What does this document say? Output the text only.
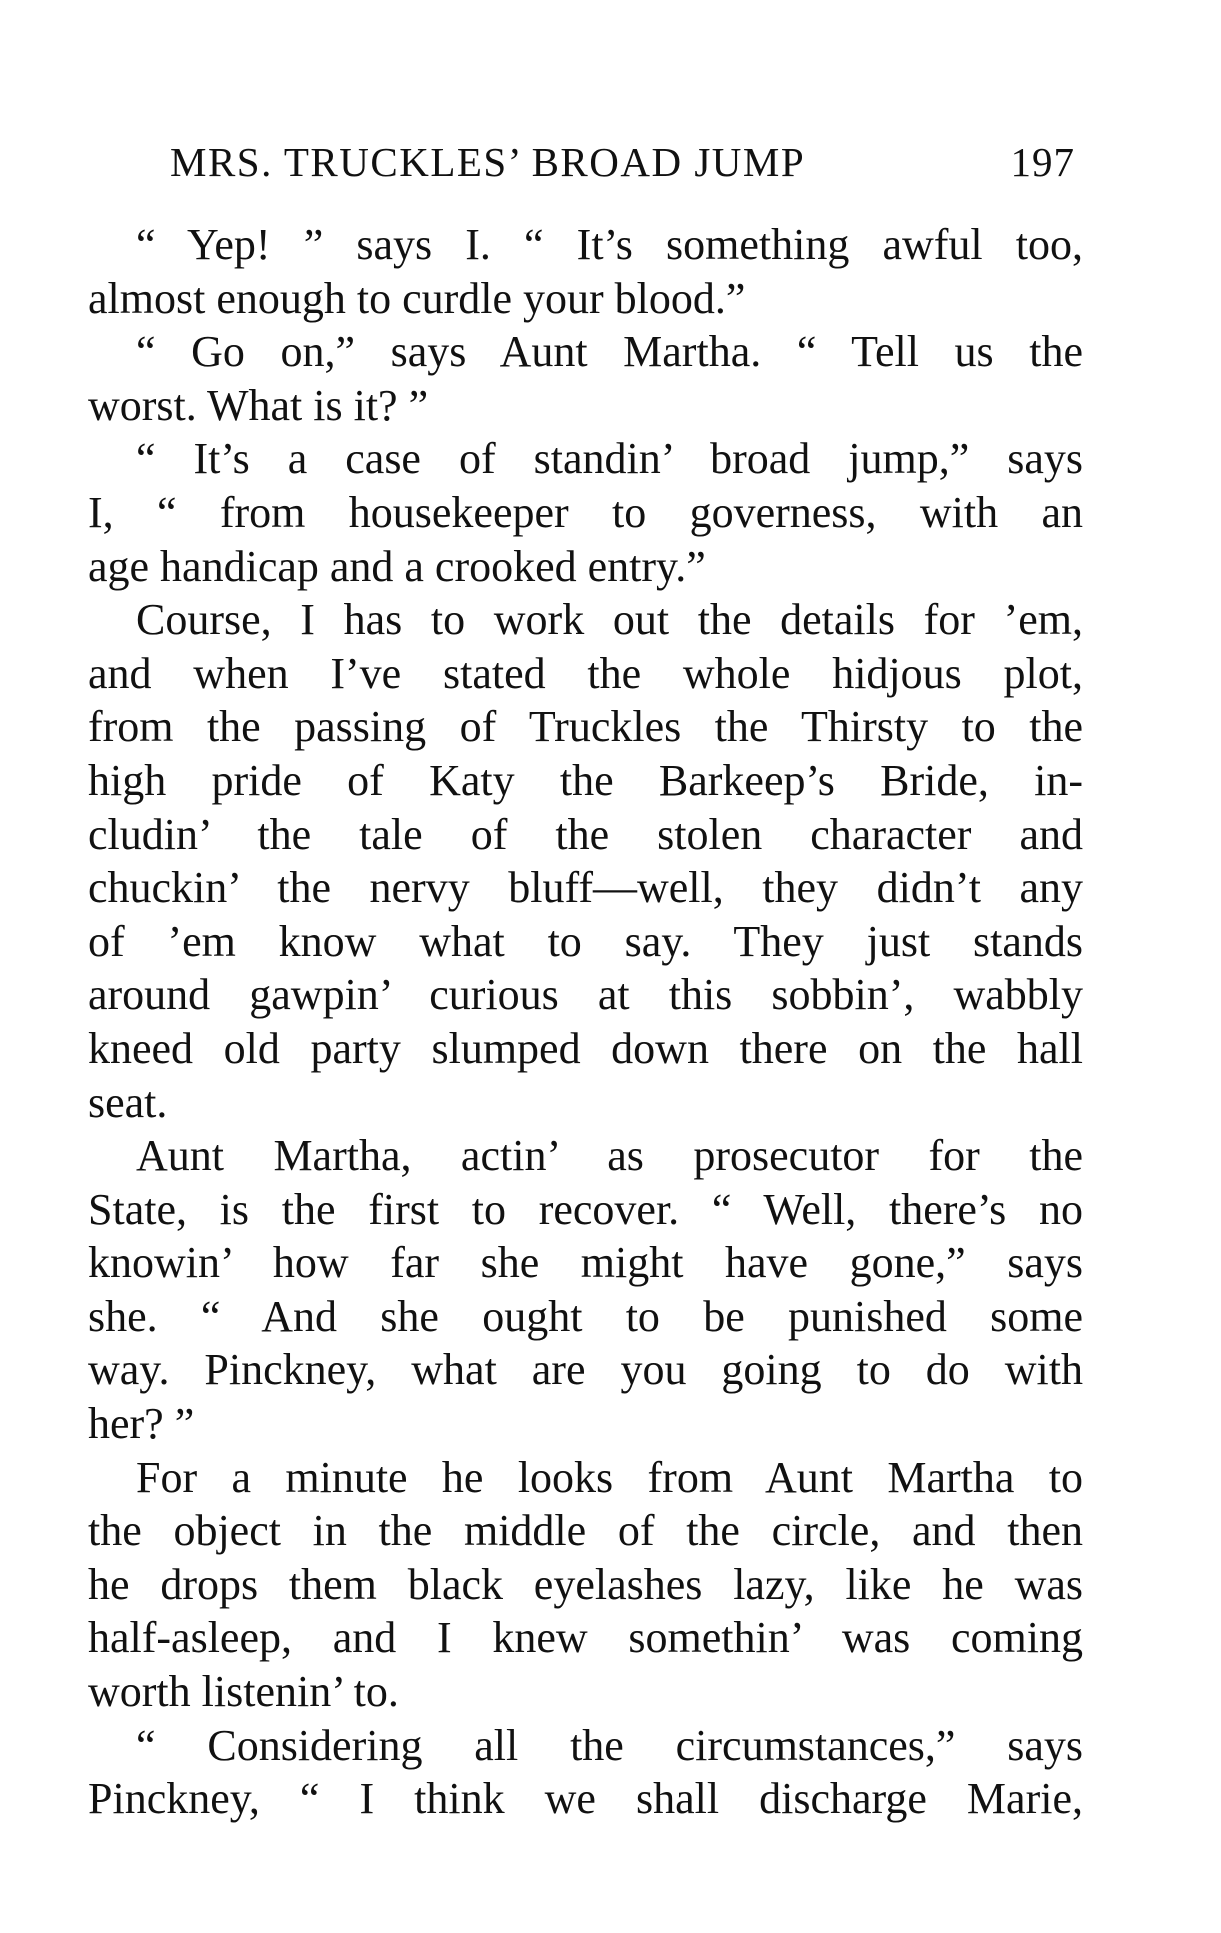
MRS. TRUCKLES’ BROAD JUMP	197
“ Yep! ” says I. “ It’s something awful too,
almost enough to curdle your blood.”
“ Go on,” says Aunt Martha. “ Tell us the
worst. What is it? ”
“ It’s a case of standin’ broad jump,” says
I, “ from housekeeper to governess, with an
age handicap and a crooked entry.”
Course, I has to work out the details for ’em,
and when I’ve stated the whole hidjous plot,
from the passing of Truckles the Thirsty to the
high pride of Katy the Barkeep’s Bride, in-
cludin’ the tale of the stolen character and
chuckin’ the nervy bluff—well, they didn’t any
of ’em know what to say. They just stands
around gawpin’ curious at this sobbin’, wabbly
kneed old party slumped down there on the hall
seat.
Aunt Martha, actin’ as prosecutor for the
State, is the first to recover. “ Well, there’s no
knowin’ how far she might have gone,” says
she. “ And she ought to be punished some
way. Pinckney, what are you going to do with
her? ”
For a minute he looks from Aunt Martha to
the object in the middle of the circle, and then
he drops them black eyelashes lazy, like he was
half-asleep, and I knew somethin’ was coming
worth listenin’ to.
“ Considering all the circumstances,” says
Pinckney, “ I think we shall discharge Marie,
